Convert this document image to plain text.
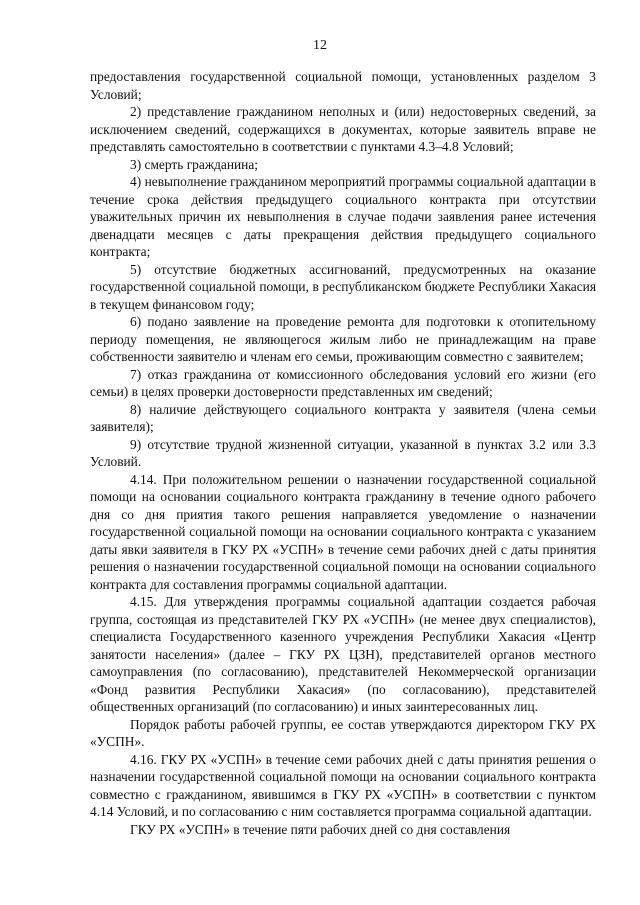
12

предоставления государственной социальной помощи, установленных разделом 3 Условий;

2) представление гражданином неполных и (или) недостоверных сведений, за исключением сведений, содержащихся в документах, которые заявитель вправе не представлять самостоятельно в соответствии с пунктами 4.3–4.8 Условий;

3) смерть гражданина;

4) невыполнение гражданином мероприятий программы социальной адаптации в течение срока действия предыдущего социального контракта при отсутствии уважительных причин их невыполнения в случае подачи заявления ранее истечения двенадцати месяцев с даты прекращения действия предыдущего социального контракта;

5) отсутствие бюджетных ассигнований, предусмотренных на оказание государственной социальной помощи, в республиканском бюджете Республики Хакасия в текущем финансовом году;

6) подано заявление на проведение ремонта для подготовки к отопительному периоду помещения, не являющегося жилым либо не принадлежащим на праве собственности заявителю и членам его семьи, проживающим совместно с заявителем;

7) отказ гражданина от комиссионного обследования условий его жизни (его семьи) в целях проверки достоверности представленных им сведений;

8) наличие действующего социального контракта у заявителя (члена семьи заявителя);

9) отсутствие трудной жизненной ситуации, указанной в пунктах 3.2 или 3.3 Условий.

4.14. При положительном решении о назначении государственной социальной помощи на основании социального контракта гражданину в течение одного рабочего дня со дня приятия такого решения направляется уведомление о назначении государственной социальной помощи на основании социального контракта с указанием даты явки заявителя в ГКУ РХ «УСПН» в течение семи рабочих дней с даты принятия решения о назначении государственной социальной помощи на основании социального контракта для составления программы социальной адаптации.

4.15. Для утверждения программы социальной адаптации создается рабочая группа, состоящая из представителей ГКУ РХ «УСПН» (не менее двух специалистов), специалиста Государственного казенного учреждения Республики Хакасия «Центр занятости населения» (далее – ГКУ РХ ЦЗН), представителей органов местного самоуправления (по согласованию), представителей Некоммерческой организации «Фонд развития Республики Хакасия» (по согласованию), представителей общественных организаций (по согласованию) и иных заинтересованных лиц.

Порядок работы рабочей группы, ее состав утверждаются директором ГКУ РХ «УСПН».

4.16. ГКУ РХ «УСПН» в течение семи рабочих дней с даты принятия решения о назначении государственной социальной помощи на основании социального контракта совместно с гражданином, явившимся в ГКУ РХ «УСПН» в соответствии с пунктом 4.14 Условий, и по согласованию с ним составляется программа социальной адаптации.

ГКУ РХ «УСПН» в течение пяти рабочих дней со дня составления
